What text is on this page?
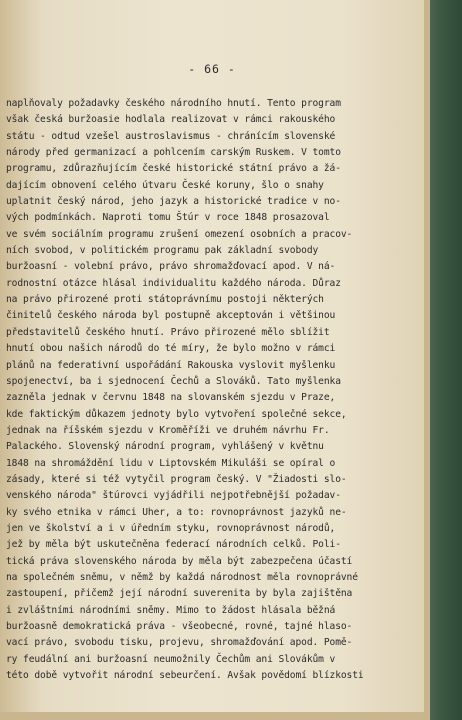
- 66 -
naplňovaly požadavky českého národního hnutí. Tento program
však česká buržoasie hodlala realizovat v rámci rakouského
státu - odtud vzešel austroslavismus - chránícím slovenské
národy před germanizací a pohlcením carským Ruskem. V tomto
programu, zdůrazňujícím české historické státní právo a žá-
dajícím obnovení celého útvaru České koruny, šlo o snahy
uplatnit český národ, jeho jazyk a historické tradice v no-
vých podmínkách. Naproti tomu Štúr v roce 1848 prosazoval
ve svém sociálním programu zrušení omezení osobních a pracov-
ních svobod, v politickém programu pak základní svobody
buržoasní - volební právo, právo shromažďovací apod. V ná-
rodnostní otázce hlásal individualitu každého národa. Důraz
na právo přirozené proti státoprávnímu postoji některých
činitelů českého národa byl postupně akceptován i většinou
představitelů českého hnutí. Právo přirozené mělo sblížit
hnutí obou našich národů do té míry, že bylo možno v rámci
plánů na federativní uspořádání Rakouska vyslovit myšlenku
spojenectví, ba i sjednocení Čechů a Slováků. Tato myšlenka
zazněla jednak v červnu 1848 na slovanském sjezdu v Praze,
kde faktickým důkazem jednoty bylo vytvoření společné sekce,
jednak na říšském sjezdu v Kroměříži ve druhém návrhu Fr.
Palackého. Slovenský národní program, vyhlášený v květnu
1848 na shromáždění lidu v Liptovském Mikuláši se opíral o
zásady, které si též vytyčil program český. V "Žiadosti slo-
venského národa" štúrovci vyjádřili nejpotřebnější požadav-
ky svého etnika v rámci Uher, a to: rovnoprávnost jazyků ne-
jen ve školství a i v úředním styku, rovnoprávnost národů,
jež by měla být uskutečněna federací národních celků. Poli-
tická práva slovenského národa by měla být zabezpečena účastí
na společném sněmu, v němž by každá národnost měla rovnoprávné
zastoupení, přičemž její národní suverenita by byla zajištěna
i zvláštními národními sněmy. Mimo to žádost hlásala běžná
buržoasně demokratická práva - všeobecné, rovné, tajné hlaso-
vací právo, svobodu tisku, projevu, shromažďování apod. Pomě-
ry feudální ani buržoasní neumožnily Čechům ani Slovákům v
této době vytvořit národní sebeurčení. Avšak povědomí blízkosti
